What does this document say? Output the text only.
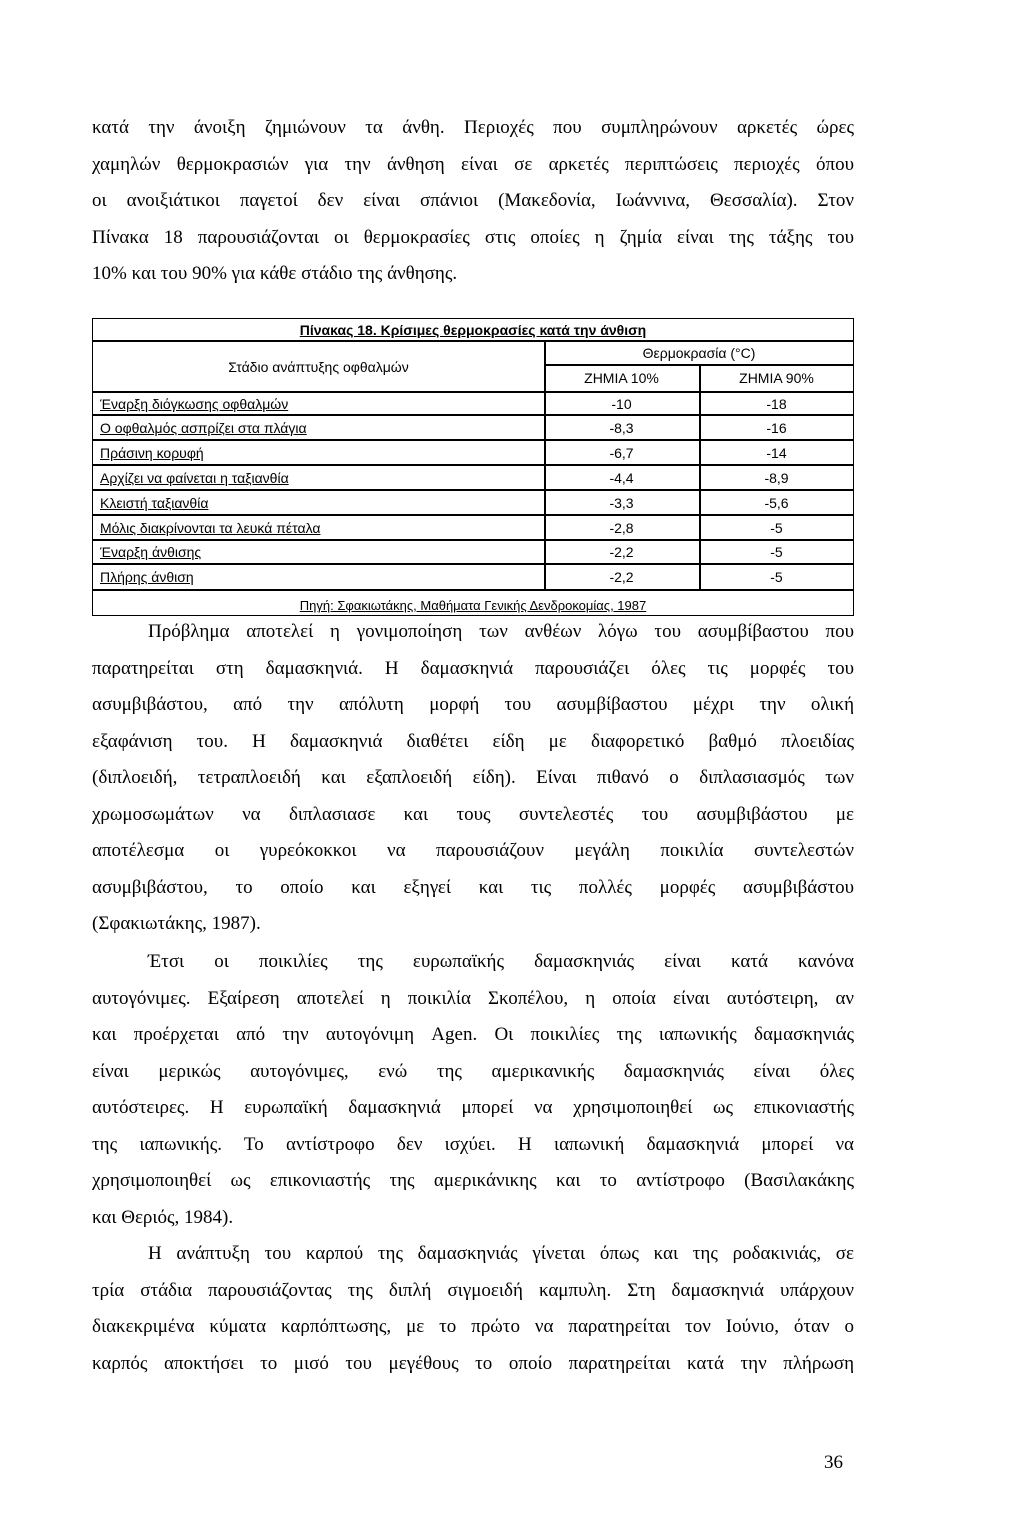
κατά την άνοιξη ζημιώνουν τα άνθη. Περιοχές που συμπληρώνουν αρκετές ώρες
χαμηλών θερμοκρασιών για την άνθηση είναι σε αρκετές περιπτώσεις περιοχές όπου
οι ανοιξιάτικοι παγετοί δεν είναι σπάνιοι (Μακεδονία, Ιωάννινα, Θεσσαλία). Στον
Πίνακα 18 παρουσιάζονται οι θερμοκρασίες στις οποίες η ζημία είναι της τάξης του
10% και του 90% για κάθε στάδιο της άνθησης.
Πίνακας 18. Κρίσιμες θερμοκρασίες κατά την άνθιση
Στάδιο ανάπτυξης οφθαλμών
Θερμοκρασία (°C)
ΖΗΜΙΑ 10%	ΖΗΜΙΑ 90%
Έναρξη διόγκωσης οφθαλμών	-10	-18
Ο οφθαλμός ασπρίζει στα πλάγια	-8,3	-16
Πράσινη κορυφή	-6,7	-14
Αρχίζει να φαίνεται η ταξιανθία	-4,4	-8,9
Κλειστή ταξιανθία	-3,3	-5,6
Μόλις διακρίνονται τα λευκά πέταλα	-2,8	-5
Έναρξη άνθισης	-2,2	-5
Πλήρης άνθιση	-2,2	-5
Πηγή: Σφακιωτάκης, Μαθήματα Γενικής Δενδροκομίας, 1987
Πρόβλημα αποτελεί η γονιμοποίηση των ανθέων λόγω του ασυμβίβαστου που
παρατηρείται στη δαμασκηνιά. Η δαμασκηνιά παρουσιάζει όλες τις μορφές του
ασυμβιβάστου, από την απόλυτη μορφή του ασυμβίβαστου μέχρι την ολική
εξαφάνιση του. Η δαμασκηνιά διαθέτει είδη με διαφορετικό βαθμό πλοειδίας
(διπλοειδή, τετραπλοειδή και εξαπλοειδή είδη). Είναι πιθανό ο διπλασιασμός των
χρωμοσωμάτων να διπλασιασε και τους συντελεστές του ασυμβιβάστου με
αποτέλεσμα οι γυρεόκοκκοι να παρουσιάζουν μεγάλη ποικιλία συντελεστών
ασυμβιβάστου, το οποίο και εξηγεί και τις πολλές μορφές ασυμβιβάστου
(Σφακιωτάκης, 1987).
Έτσι οι ποικιλίες της ευρωπαϊκής δαμασκηνιάς είναι κατά κανόνα
αυτογόνιμες. Εξαίρεση αποτελεί η ποικιλία Σκοπέλου, η οποία είναι αυτόστειρη, αν
και προέρχεται από την αυτογόνιμη Agen. Οι ποικιλίες της ιαπωνικής δαμασκηνιάς
είναι μερικώς αυτογόνιμες, ενώ της αμερικανικής δαμασκηνιάς είναι όλες
αυτόστειρες. Η ευρωπαϊκή δαμασκηνιά μπορεί να χρησιμοποιηθεί ως επικονιαστής
της ιαπωνικής. Το αντίστροφο δεν ισχύει. Η ιαπωνική δαμασκηνιά μπορεί να
χρησιμοποιηθεί ως επικονιαστής της αμερικάνικης και το αντίστροφο (Βασιλακάκης
και Θεριός, 1984).
Η ανάπτυξη του καρπού της δαμασκηνιάς γίνεται όπως και της ροδακινιάς, σε
τρία στάδια παρουσιάζοντας της διπλή σιγμοειδή καμπυλη. Στη δαμασκηνιά υπάρχουν
διακεκριμένα κύματα καρπόπτωσης, με το πρώτο να παρατηρείται τον Ιούνιο, όταν ο
καρπός αποκτήσει το μισό του μεγέθους το οποίο παρατηρείται κατά την πλήρωση
36
